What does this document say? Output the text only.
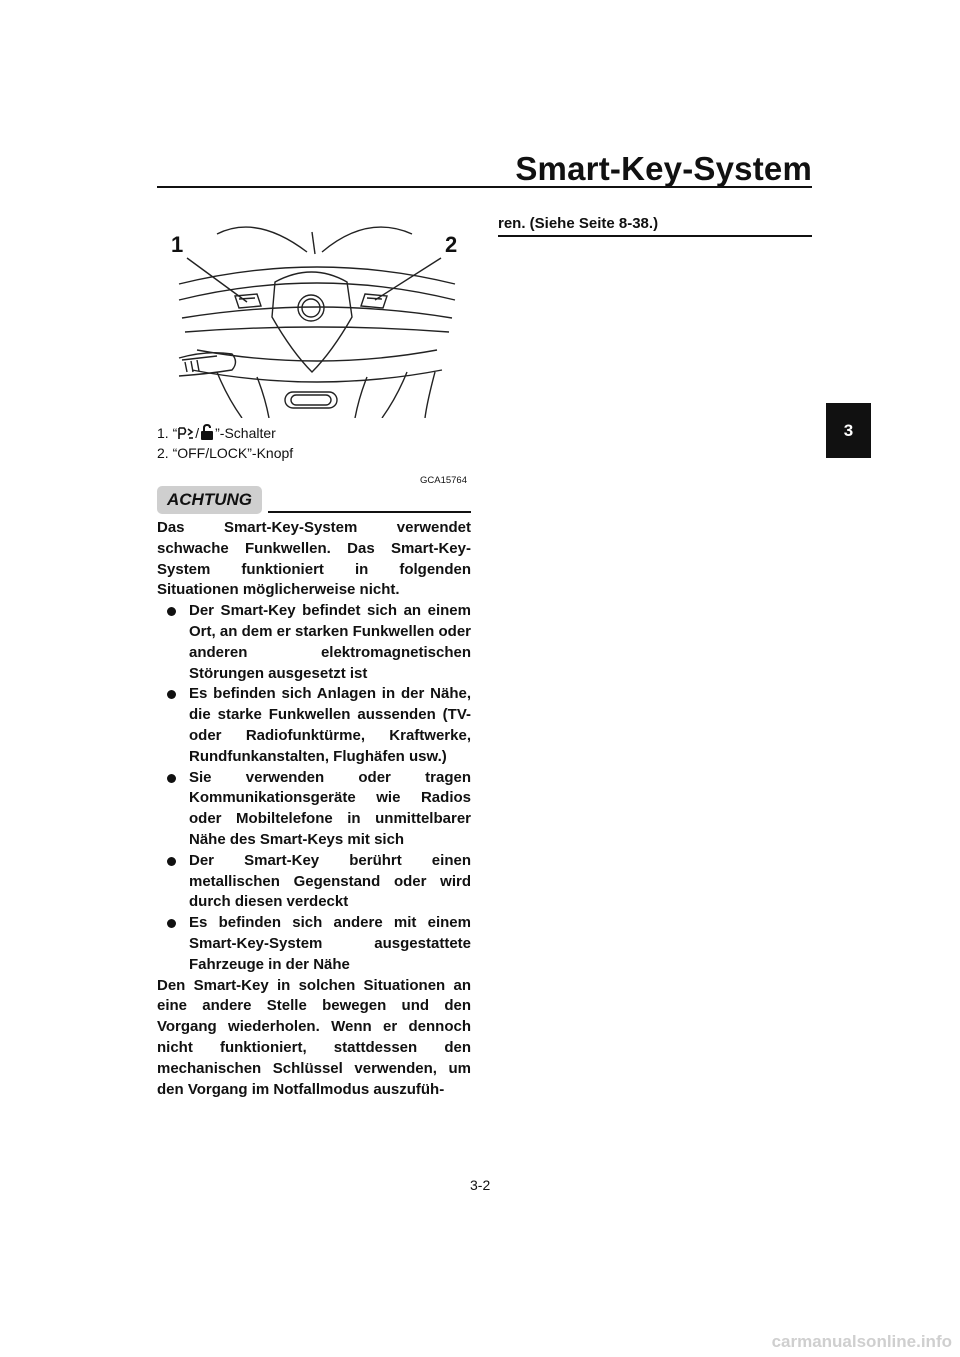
Smart-Key-System
3
1	2
1. “ / ”-Schalter
2. “OFF/LOCK”-Knopf
GCA15764
ACHTUNG

Das Smart-Key-System verwendet schwache Funkwellen. Das Smart-Key-System funktioniert in folgenden Situationen möglicherweise nicht.

Der Smart-Key befindet sich an einem Ort, an dem er starken Funkwellen oder anderen elektromagnetischen Störungen ausgesetzt ist
Es befinden sich Anlagen in der Nähe, die starke Funkwellen aussenden (TV- oder Radiofunktürme, Kraftwerke, Rundfunkanstalten, Flughäfen usw.)
Sie verwenden oder tragen Kommunikationsgeräte wie Radios oder Mobiltelefone in unmittelbarer Nähe des Smart-Keys mit sich
Der Smart-Key berührt einen metallischen Gegenstand oder wird durch diesen verdeckt
Es befinden sich andere mit einem Smart-Key-System ausgestattete Fahrzeuge in der Nähe

Den Smart-Key in solchen Situationen an eine andere Stelle bewegen und den Vorgang wiederholen. Wenn er dennoch nicht funktioniert, stattdessen den mechanischen Schlüssel verwenden, um den Vorgang im Notfallmodus auszufüh-

ren. (Siehe Seite 8-38.)
3-2
carmanualsonline.info
